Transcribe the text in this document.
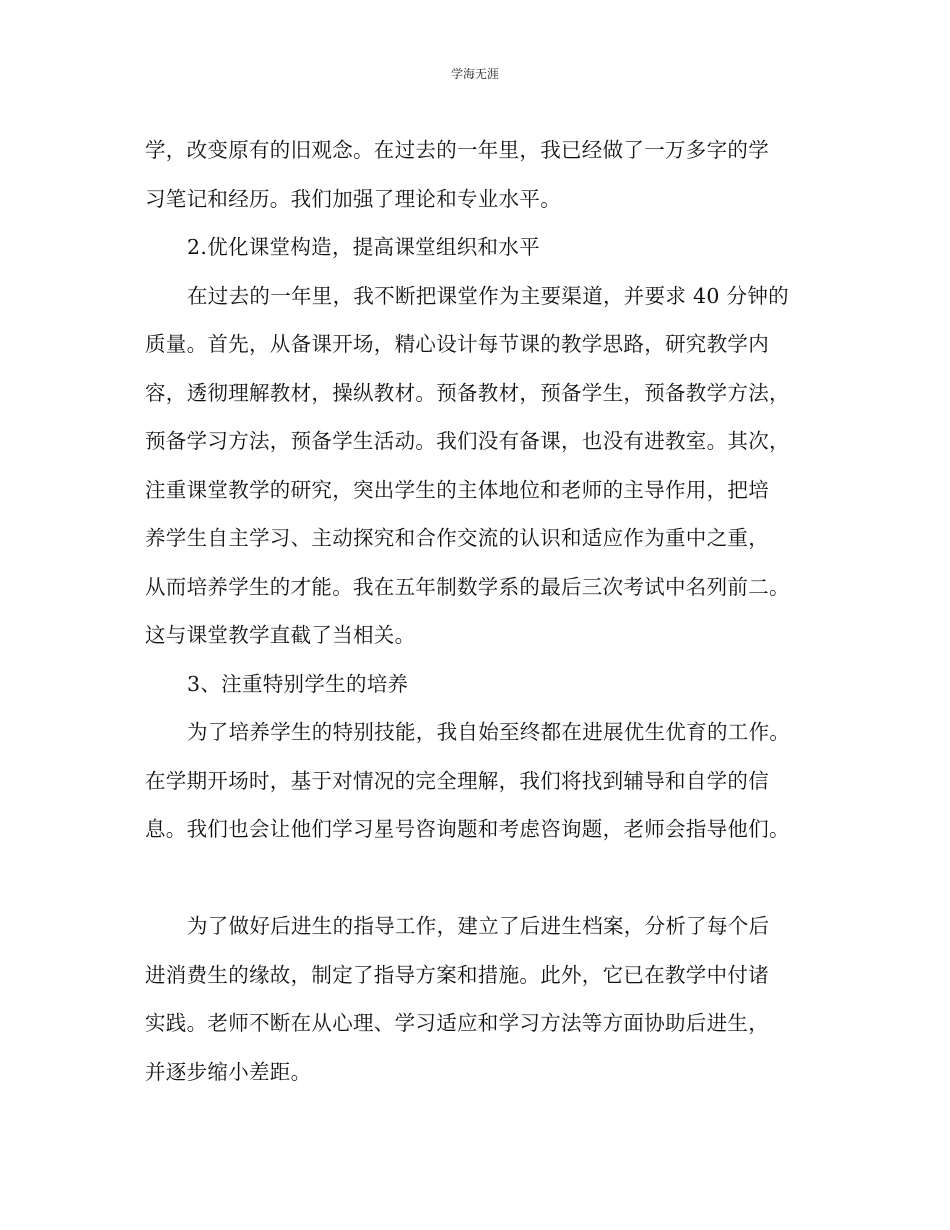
学海无涯
学，改变原有的旧观念。在过去的一年里，我已经做了一万多字的学
习笔记和经历。我们加强了理论和专业水平。
2.优化课堂构造，提高课堂组织和水平
在过去的一年里，我不断把课堂作为主要渠道，并要求 40 分钟的
质量。首先，从备课开场，精心设计每节课的教学思路，研究教学内
容，透彻理解教材，操纵教材。预备教材，预备学生，预备教学方法，
预备学习方法，预备学生活动。我们没有备课，也没有进教室。其次，
注重课堂教学的研究，突出学生的主体地位和老师的主导作用，把培
养学生自主学习、主动探究和合作交流的认识和适应作为重中之重，
从而培养学生的才能。我在五年制数学系的最后三次考试中名列前二。
这与课堂教学直截了当相关。
3、注重特别学生的培养
为了培养学生的特别技能，我自始至终都在进展优生优育的工作。
在学期开场时，基于对情况的完全理解，我们将找到辅导和自学的信
息。我们也会让他们学习星号咨询题和考虑咨询题，老师会指导他们。
为了做好后进生的指导工作，建立了后进生档案，分析了每个后
进消费生的缘故，制定了指导方案和措施。此外，它已在教学中付诸
实践。老师不断在从心理、学习适应和学习方法等方面协助后进生，
并逐步缩小差距。
